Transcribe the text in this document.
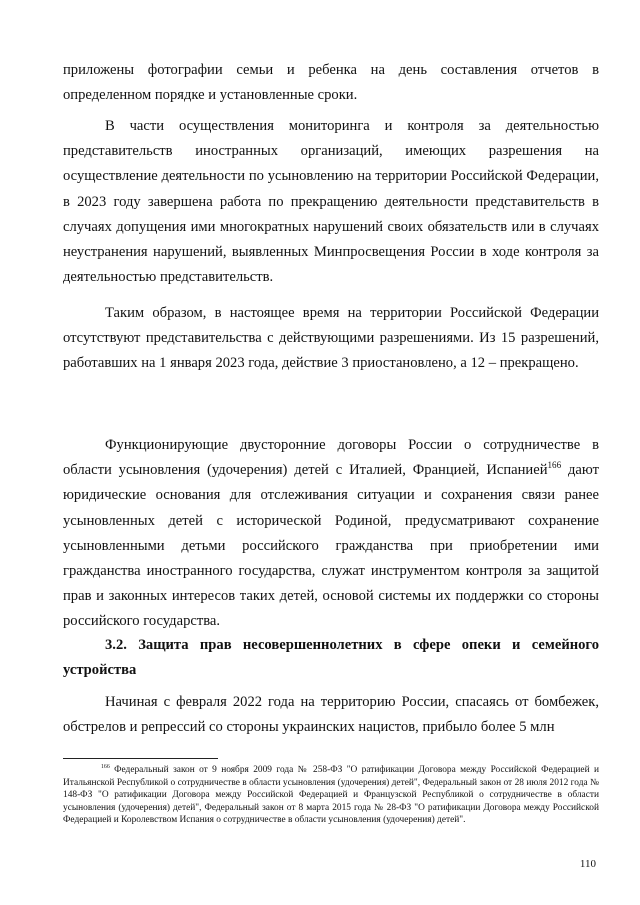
приложены фотографии семьи и ребенка на день составления отчетов в определенном порядке и установленные сроки.

В части осуществления мониторинга и контроля за деятельностью представительств иностранных организаций, имеющих разрешения на осуществление деятельности по усыновлению на территории Российской Федерации, в 2023 году завершена работа по прекращению деятельности представительств в случаях допущения ими многократных нарушений своих обязательств или в случаях неустранения нарушений, выявленных Минпросвещения России в ходе контроля за деятельностью представительств.

Таким образом, в настоящее время на территории Российской Федерации отсутствуют представительства с действующими разрешениями. Из 15 разрешений, работавших на 1 января 2023 года, действие 3 приостановлено, а 12 – прекращено.

Функционирующие двусторонние договоры России о сотрудничестве в области усыновления (удочерения) детей с Италией, Францией, Испанией$^{166}$ дают юридические основания для отслеживания ситуации и сохранения связи ранее усыновленных детей с исторической Родиной, предусматривают сохранение усыновленными детьми российского гражданства при приобретении ими гражданства иностранного государства, служат инструментом контроля за защитой прав и законных интересов таких детей, основой системы их поддержки со стороны российского государства.

3.2. Защита прав несовершеннолетних в сфере опеки и семейного устройства

Начиная с февраля 2022 года на территорию России, спасаясь от бомбежек, обстрелов и репрессий со стороны украинских нацистов, прибыло более 5 млн

$^{166}$ Федеральный закон от 9 ноября 2009 года № 258-ФЗ "О ратификации Договора между Российской Федерацией и Итальянской Республикой о сотрудничестве в области усыновления (удочерения) детей", Федеральный закон от 28 июля 2012 года № 148-ФЗ "О ратификации Договора между Российской Федерацией и Французской Республикой о сотрудничестве в области усыновления (удочерения) детей", Федеральный закон от 8 марта 2015 года № 28-ФЗ "О ратификации Договора между Российской Федерацией и Королевством Испания о сотрудничестве в области усыновления (удочерения) детей".

110
